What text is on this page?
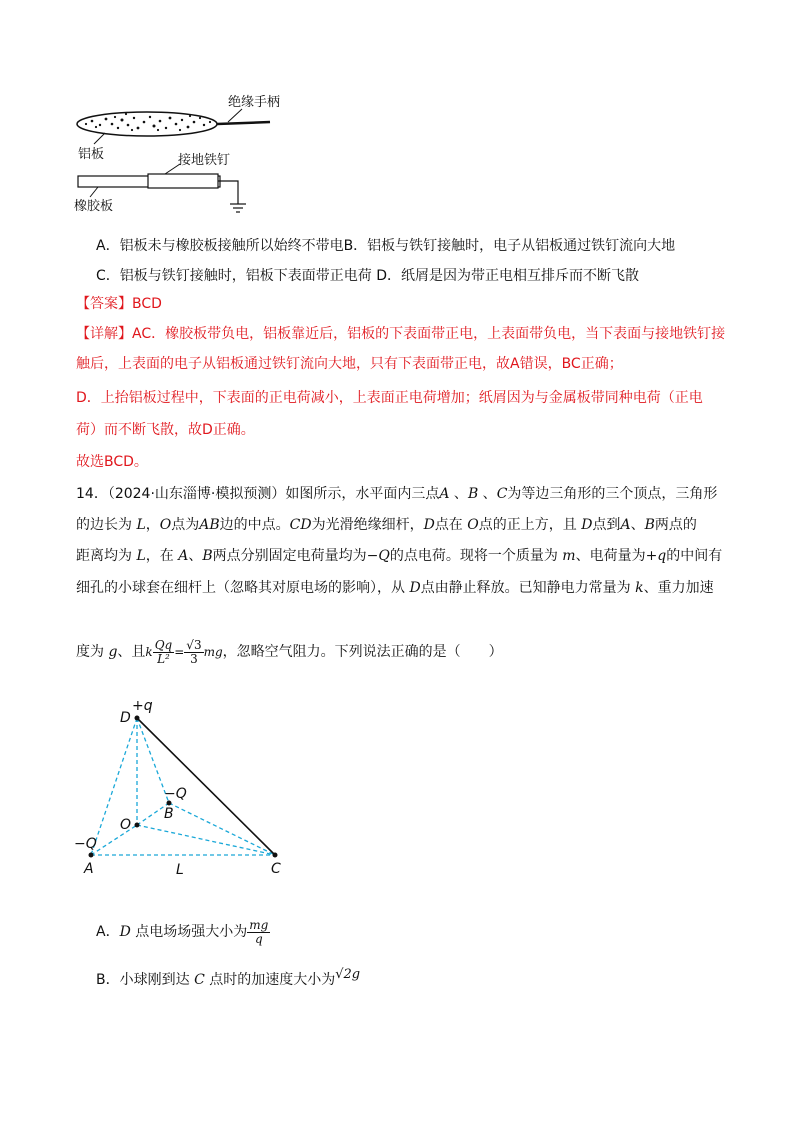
绝缘手柄
铝板	接地铁钉
橡胶板
A．铝板未与橡胶板接触所以始终不带电B．铝板与铁钉接触时，电子从铝板通过铁钉流向大地
C．铝板与铁钉接触时，铝板下表面带正电荷 D．纸屑是因为带正电相互排斥而不断飞散
【答案】BCD
【详解】AC．橡胶板带负电，铝板靠近后，铝板的下表面带正电，上表面带负电，当下表面与接地铁钉接
触后，上表面的电子从铝板通过铁钉流向大地，只有下表面带正电，故A错误，BC正确；
D．上抬铝板过程中，下表面的正电荷减小，上表面正电荷增加；纸屑因为与金属板带同种电荷（正电
荷）而不断飞散，故D正确。
故选BCD。
14．（2024·山东淄博·模拟预测）如图所示，水平面内三点A 、B 、C为等边三角形的三个顶点，三角形
的边长为 L，O点为AB边的中点。CD为光滑绝缘细杆，D点在 O点的正上方，且 D点到A、B两点的
距离均为 L，在 A、B两点分别固定电荷量均为−Q的点电荷。现将一个质量为 m、电荷量为+q的中间有
细孔的小球套在细杆上（忽略其对原电场的影响），从 D点由静止释放。已知静电力常量为 k、重力加速
度为 g、且k $\frac{Qq}{\text{L²}} = \frac{√3}{3}$ mg，忽略空气阻力。下列说法正确的是（　　）
D
+q
−Q
B
O
−Q
A	L	C
A．D 点电场场强大小为 $\frac{mg}{q}$
B．小球刚到达 C 点时的加速度大小为√2g
